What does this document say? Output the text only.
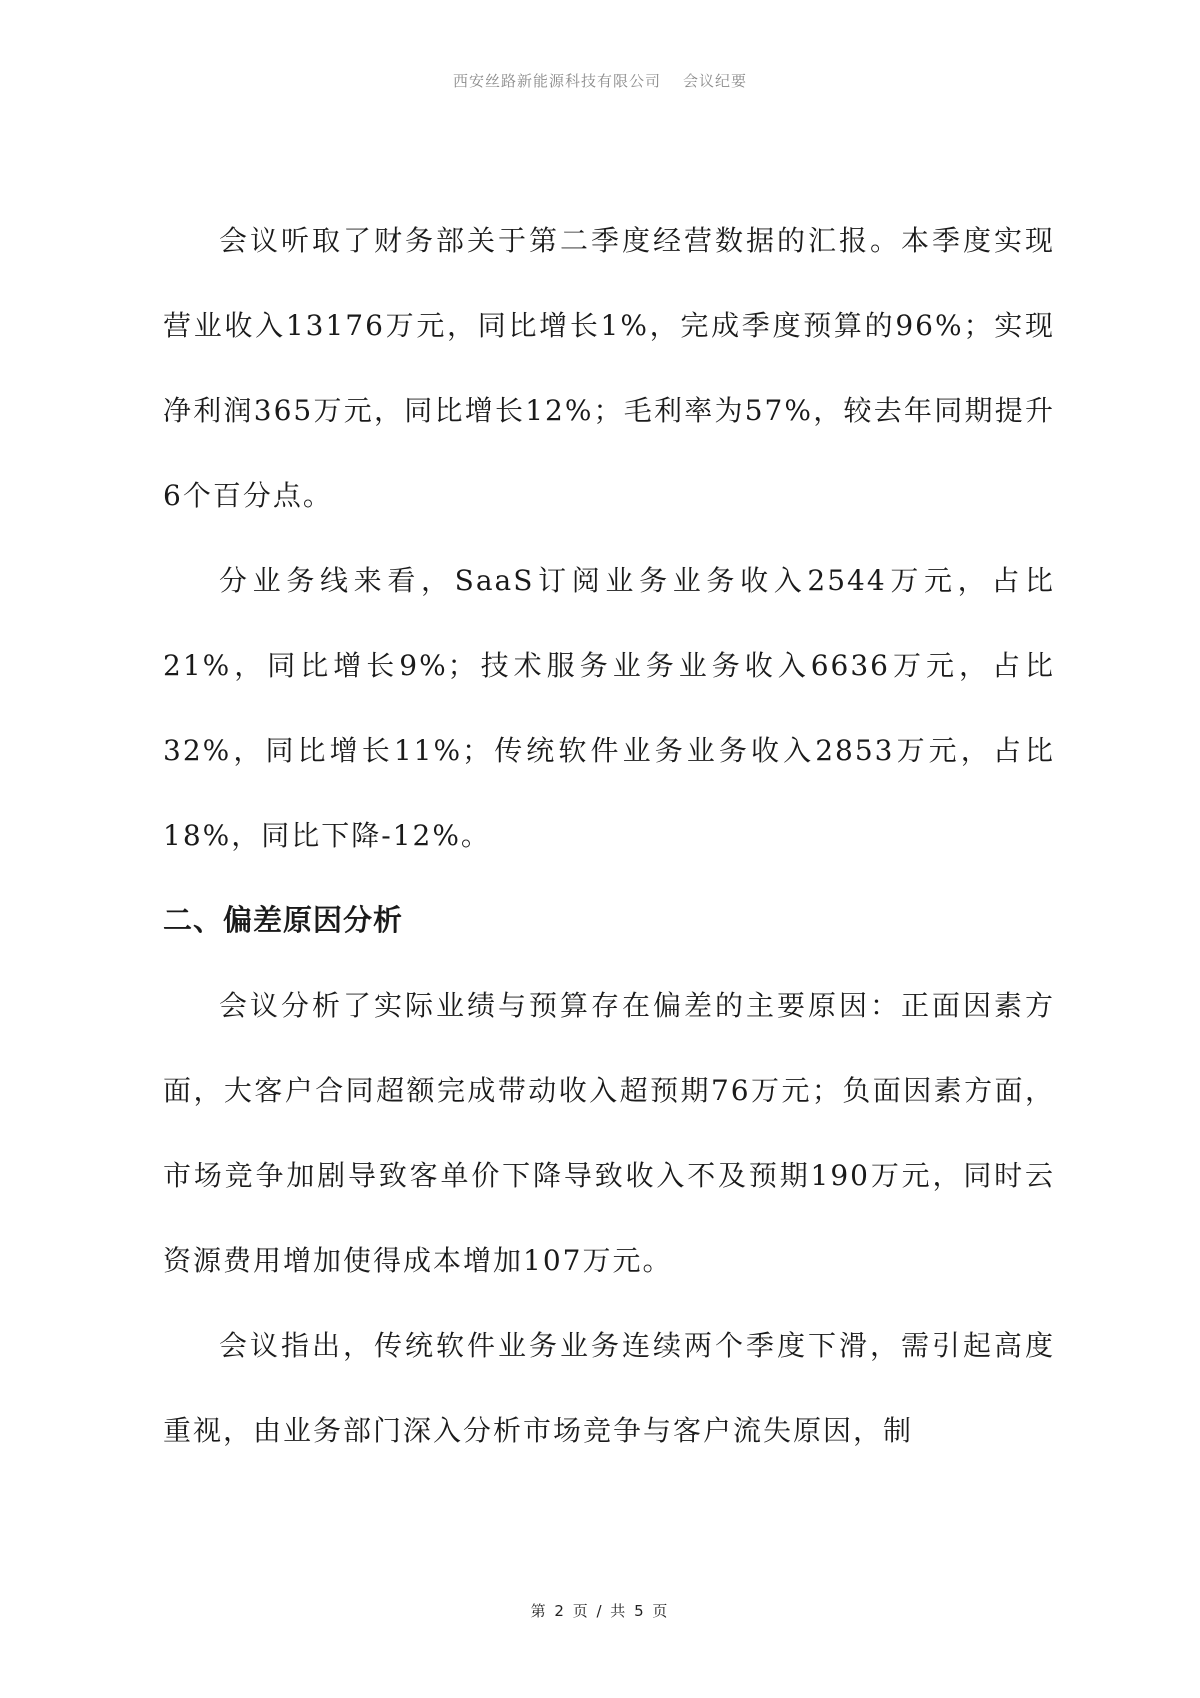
西安丝路新能源科技有限公司 会议纪要

会议听取了财务部关于第二季度经营数据的汇报。本季度实现营业收入13176万元，同比增长1%，完成季度预算的96%；实现净利润365万元，同比增长12%；毛利率为57%，较去年同期提升6个百分点。

分业务线来看，SaaS订阅业务业务收入2544万元，占比21%，同比增长9%；技术服务业务业务收入6636万元，占比32%，同比增长11%；传统软件业务业务收入2853万元，占比18%，同比下降-12%。

二、偏差原因分析

会议分析了实际业绩与预算存在偏差的主要原因：正面因素方面，大客户合同超额完成带动收入超预期76万元；负面因素方面，市场竞争加剧导致客单价下降导致收入不及预期190万元，同时云资源费用增加使得成本增加107万元。

会议指出，传统软件业务业务连续两个季度下滑，需引起高度重视，由业务部门深入分析市场竞争与客户流失原因，制

第 2 页 / 共 5 页
